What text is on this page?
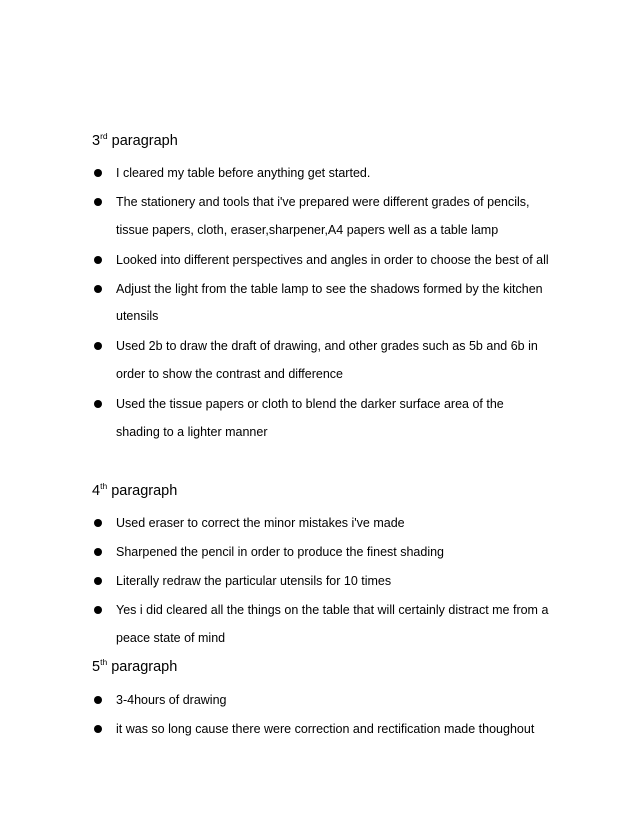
3rd paragraph
I cleared my table before anything get started.
The stationery and tools that i've prepared were different grades of pencils,
tissue papers, cloth, eraser,sharpener,A4 papers well as a table lamp
Looked into different perspectives and angles in order to choose the best of all
Adjust the light from the table lamp to see the shadows formed by the kitchen
utensils
Used 2b to draw the draft of drawing, and other grades such as 5b and 6b in
order to show the contrast and difference
Used the tissue papers or cloth to blend the darker surface area of the
shading to a lighter manner
4th paragraph
Used eraser to correct the minor mistakes i've made
Sharpened the pencil in order to produce the finest shading
Literally redraw the particular utensils for 10 times
Yes i did cleared all the things on the table that will certainly distract me from a
peace state of mind
5th paragraph
3-4hours of drawing
it was so long cause there were correction and rectification made thoughout
